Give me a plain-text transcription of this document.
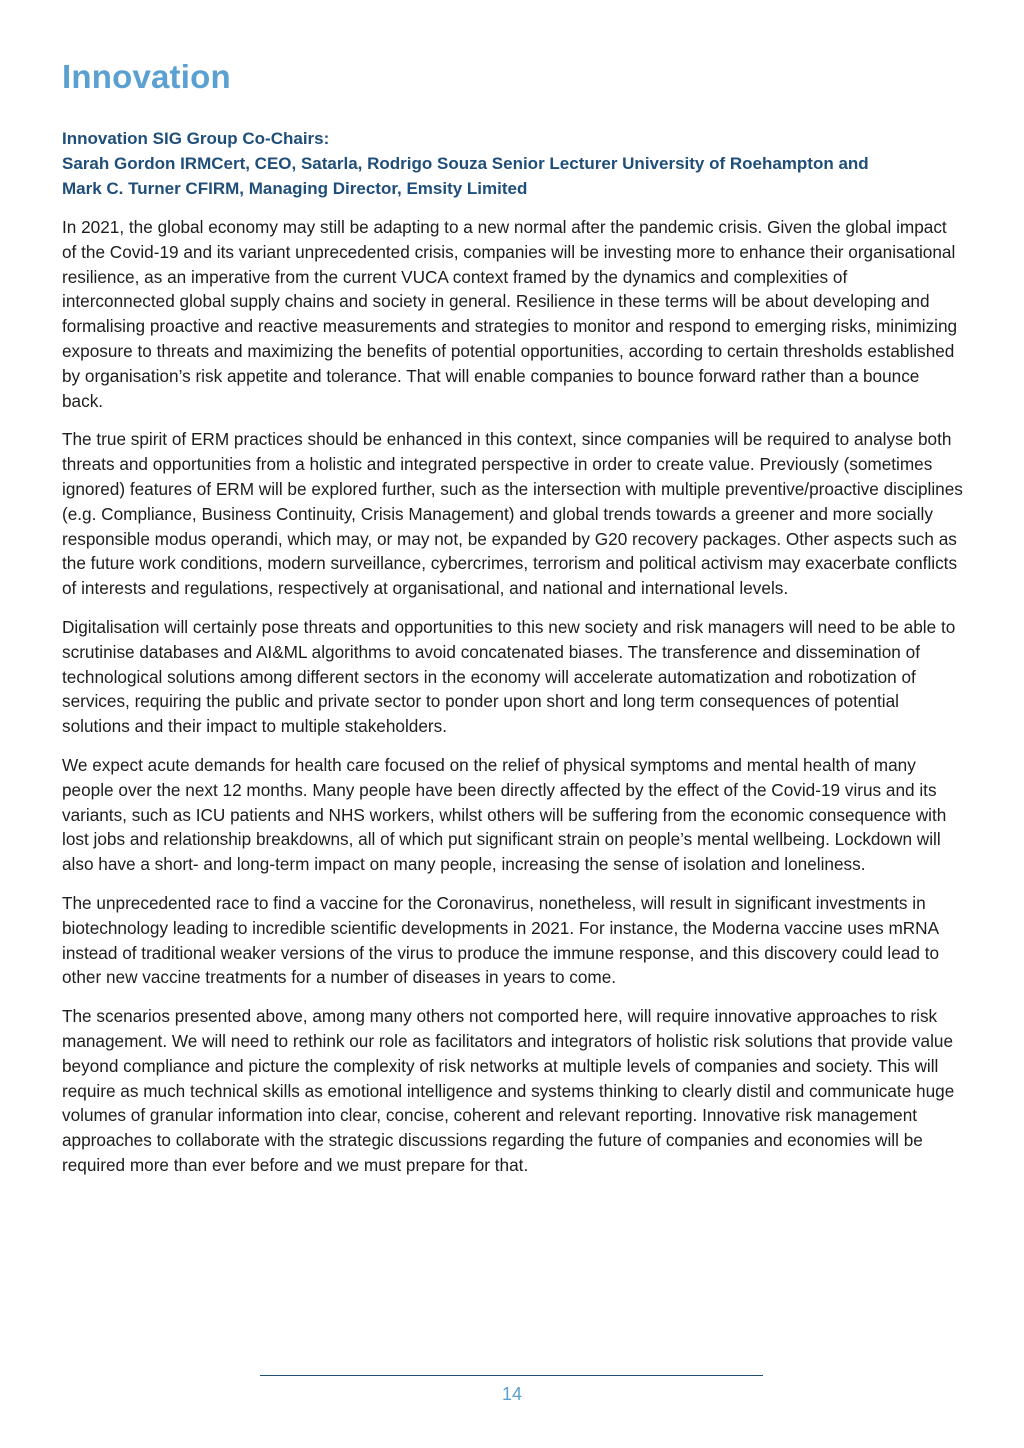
Innovation
Innovation SIG Group Co-Chairs:
Sarah Gordon IRMCert, CEO, Satarla, Rodrigo Souza Senior Lecturer University of Roehampton and
Mark C. Turner CFIRM, Managing Director, Emsity Limited

In 2021, the global economy may still be adapting to a new normal after the pandemic crisis. Given the global impact of the Covid-19 and its variant unprecedented crisis, companies will be investing more to enhance their organisational resilience, as an imperative from the current VUCA context framed by the dynamics and complexities of interconnected global supply chains and society in general. Resilience in these terms will be about developing and formalising proactive and reactive measurements and strategies to monitor and respond to emerging risks, minimizing exposure to threats and maximizing the benefits of potential opportunities, according to certain thresholds established by organisation’s risk appetite and tolerance. That will enable companies to bounce forward rather than a bounce back.

The true spirit of ERM practices should be enhanced in this context, since companies will be required to analyse both threats and opportunities from a holistic and integrated perspective in order to create value. Previously (sometimes ignored) features of ERM will be explored further, such as the intersection with multiple preventive/proactive disciplines (e.g. Compliance, Business Continuity, Crisis Management) and global trends towards a greener and more socially responsible modus operandi, which may, or may not, be expanded by G20 recovery packages. Other aspects such as the future work conditions, modern surveillance, cybercrimes, terrorism and political activism may exacerbate conflicts of interests and regulations, respectively at organisational, and national and international levels.

Digitalisation will certainly pose threats and opportunities to this new society and risk managers will need to be able to scrutinise databases and AI&ML algorithms to avoid concatenated biases. The transference and dissemination of technological solutions among different sectors in the economy will accelerate automatization and robotization of services, requiring the public and private sector to ponder upon short and long term consequences of potential solutions and their impact to multiple stakeholders.

We expect acute demands for health care focused on the relief of physical symptoms and mental health of many people over the next 12 months. Many people have been directly affected by the effect of the Covid-19 virus and its variants, such as ICU patients and NHS workers, whilst others will be suffering from the economic consequence with lost jobs and relationship breakdowns, all of which put significant strain on people’s mental wellbeing. Lockdown will also have a short- and long-term impact on many people, increasing the sense of isolation and loneliness.

The unprecedented race to find a vaccine for the Coronavirus, nonetheless, will result in significant investments in biotechnology leading to incredible scientific developments in 2021. For instance, the Moderna vaccine uses mRNA instead of traditional weaker versions of the virus to produce the immune response, and this discovery could lead to other new vaccine treatments for a number of diseases in years to come.

The scenarios presented above, among many others not comported here, will require innovative approaches to risk management. We will need to rethink our role as facilitators and integrators of holistic risk solutions that provide value beyond compliance and picture the complexity of risk networks at multiple levels of companies and society. This will require as much technical skills as emotional intelligence and systems thinking to clearly distil and communicate huge volumes of granular information into clear, concise, coherent and relevant reporting. Innovative risk management approaches to collaborate with the strategic discussions regarding the future of companies and economies will be required more than ever before and we must prepare for that.

14
